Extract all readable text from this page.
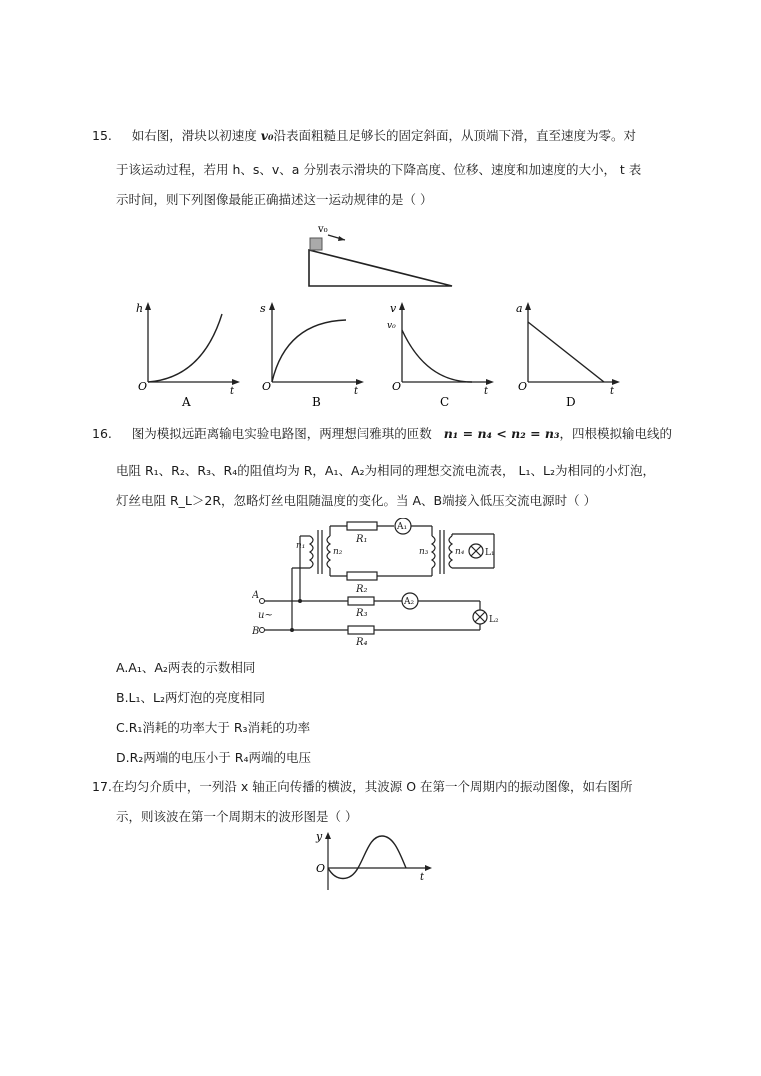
15. 如右图，滑块以初速度 v₀沿表面粗糙且足够长的固定斜面，从顶端下滑，直至速度为零。对
于该运动过程，若用 h、s、v、a 分别表示滑块的下降高度、位移、速度和加速度的大小， t 表
示时间，则下列图像最能正确描述这一运动规律的是（ ）
v₀
h
t
O
A
s
t
O
B
v
v₀
t
O
C
a
t
O
D
16. 图为模拟远距离输电实验电路图，两理想闫雅琪的匝数 n₁ = n₄ < n₂ = n₃，四根模拟输电线的
电阻 R₁、R₂、R₃、R₄的阻值均为 R，A₁、A₂为相同的理想交流电流表， L₁、L₂为相同的小灯泡，
灯丝电阻 R_L＞2R，忽略灯丝电阻随温度的变化。当 A、B端接入低压交流电源时（ ）
n₁
n₂	n₃	n₄
R₁
R₂
R₃
R₄
A₁
A₂
L₁
L₂
A
B
u~
A.A₁、A₂两表的示数相同
B.L₁、L₂两灯泡的亮度相同
C.R₁消耗的功率大于 R₃消耗的功率
D.R₂两端的电压小于 R₄两端的电压
17.在均匀介质中，一列沿 x 轴正向传播的横波，其波源 O 在第一个周期内的振动图像，如右图所
示，则该波在第一个周期末的波形图是（ ）
y
t
O
